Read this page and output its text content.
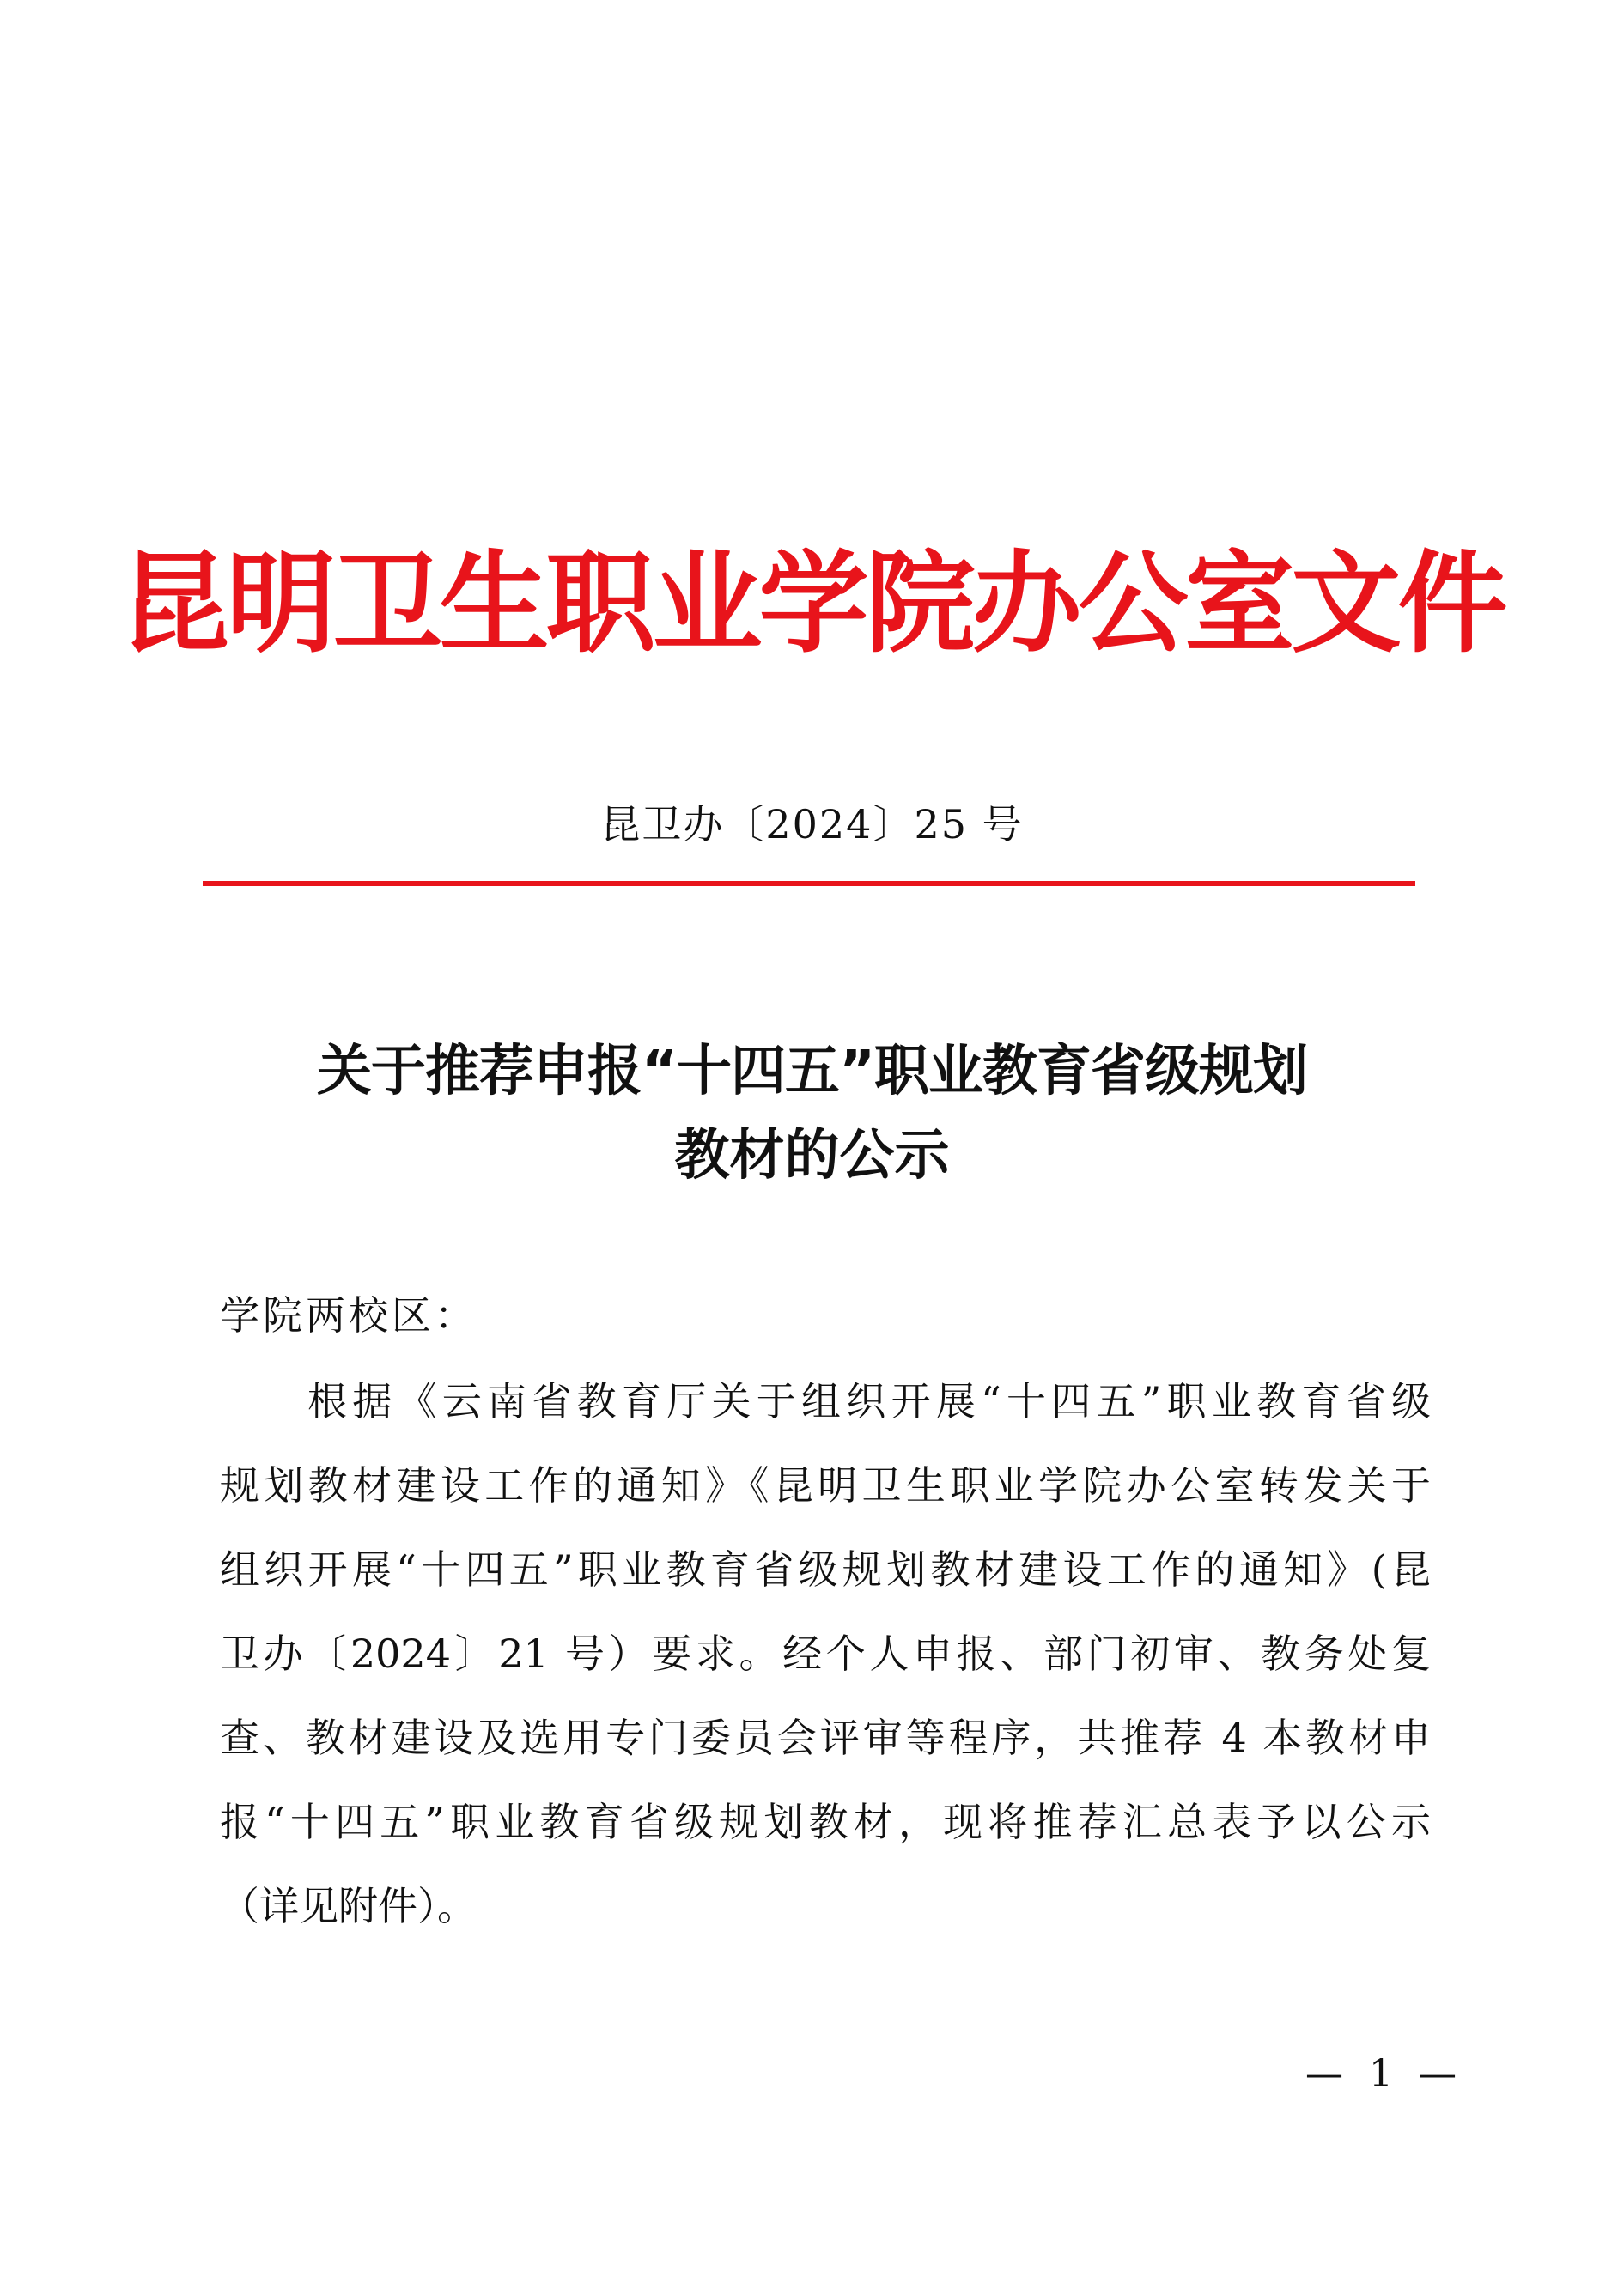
昆明卫生职业学院办公室文件
昆卫办〔2024〕25 号
关于推荐申报“十四五”职业教育省级规划
教材的公示
学院两校区：
根据《云南省教育厅关于组织开展“十四五”职业教育省级
规划教材建设工作的通知》《昆明卫生职业学院办公室转发关于
组织开展“十四五”职业教育省级规划教材建设工作的通知》(昆
卫办〔2024〕21 号）要求。经个人申报、部门初审、教务处复
查、教材建设及选用专门委员会评审等程序，共推荐 4 本教材申
报“十四五”职业教育省级规划教材，现将推荐汇总表予以公示
（详见附件）。
— 1 —
